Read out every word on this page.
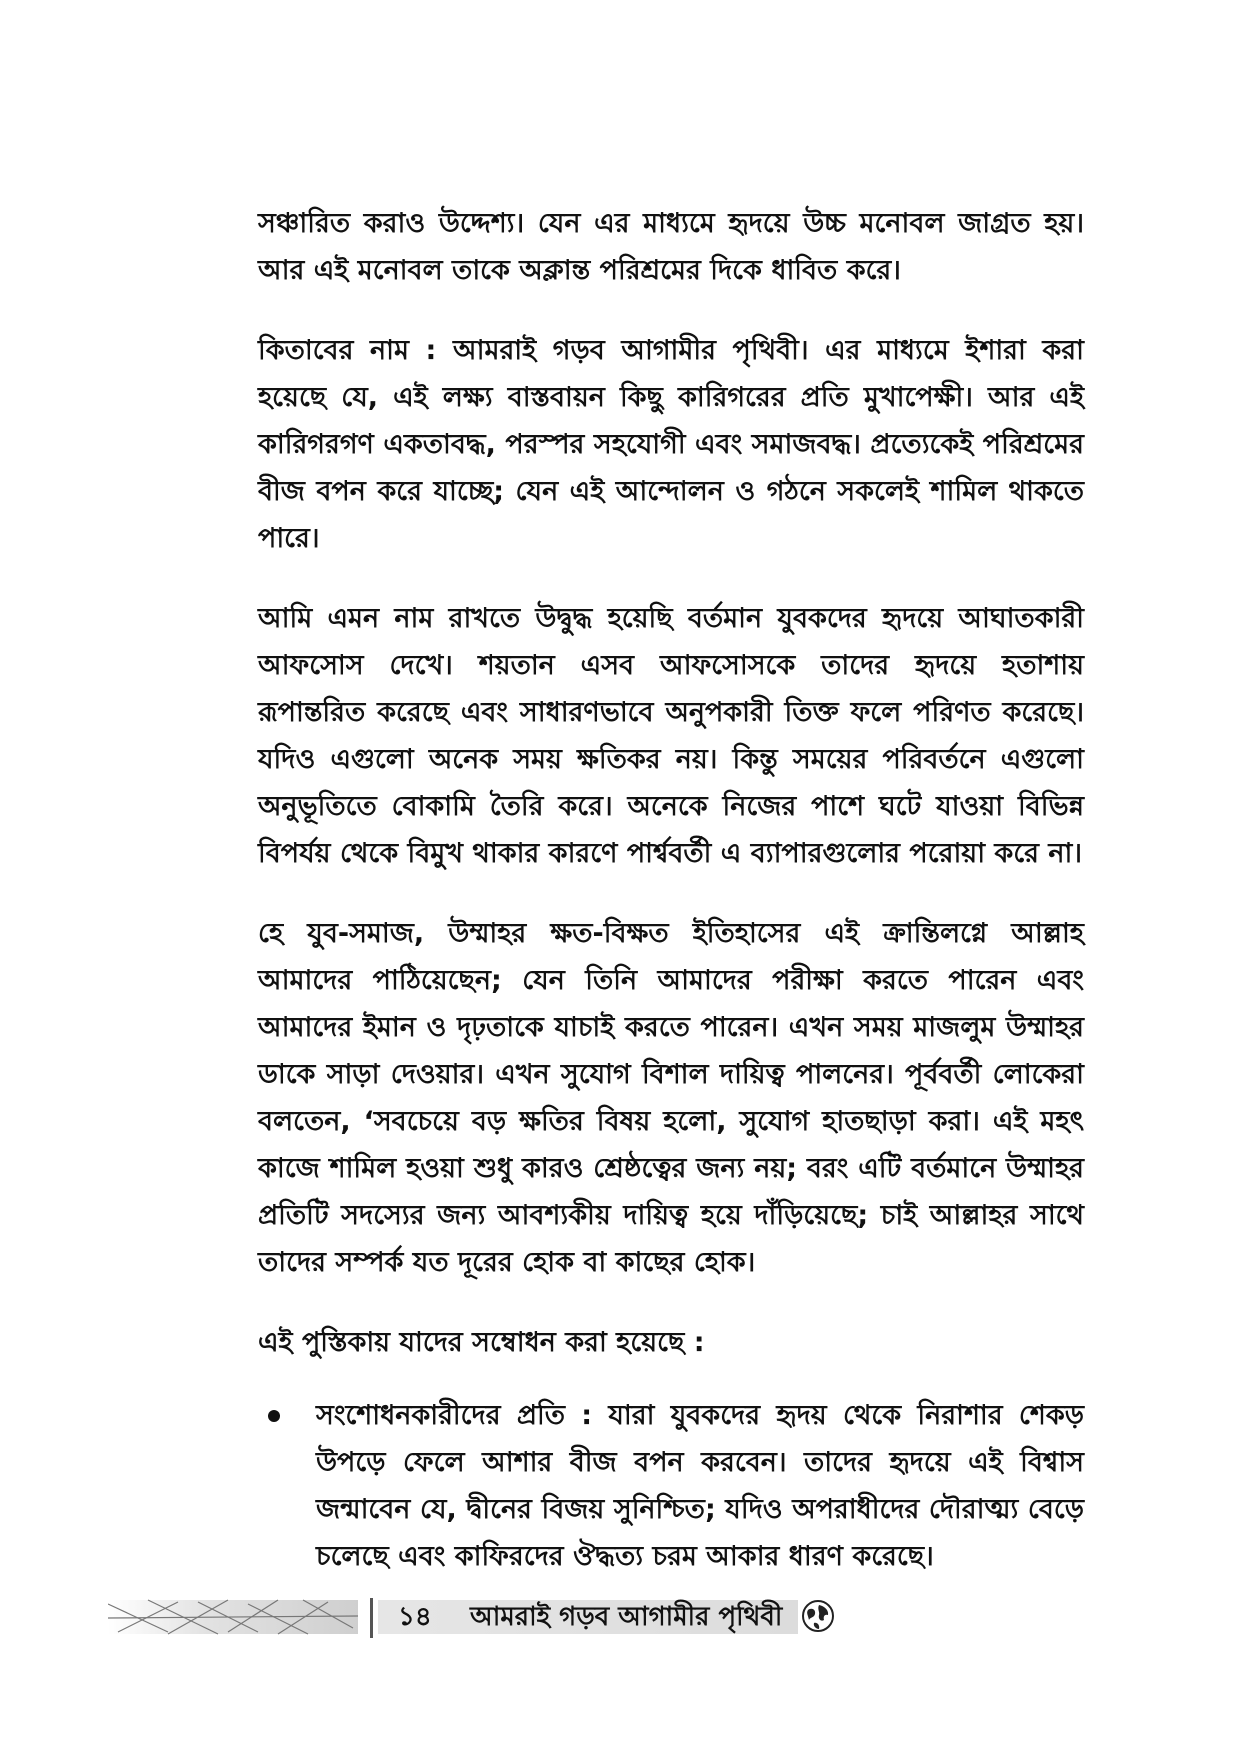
সঞ্চারিত করাও উদ্দেশ্য। যেন এর মাধ্যমে হৃদয়ে উচ্চ মনোবল জাগ্রত হয়। আর এই মনোবল তাকে অক্লান্ত পরিশ্রমের দিকে ধাবিত করে।

কিতাবের নাম : আমরাই গড়ব আগামীর পৃথিবী। এর মাধ্যমে ইশারা করা হয়েছে যে, এই লক্ষ্য বাস্তবায়ন কিছু কারিগরের প্রতি মুখাপেক্ষী। আর এই কারিগরগণ একতাবদ্ধ, পরস্পর সহযোগী এবং সমাজবদ্ধ। প্রত্যেকেই পরিশ্রমের বীজ বপন করে যাচ্ছে; যেন এই আন্দোলন ও গঠনে সকলেই শামিল থাকতে পারে।

আমি এমন নাম রাখতে উদ্বুদ্ধ হয়েছি বর্তমান যুবকদের হৃদয়ে আঘাতকারী আফসোস দেখে। শয়তান এসব আফসোসকে তাদের হৃদয়ে হতাশায় রূপান্তরিত করেছে এবং সাধারণভাবে অনুপকারী তিক্ত ফলে পরিণত করেছে। যদিও এগুলো অনেক সময় ক্ষতিকর নয়। কিন্তু সময়ের পরিবর্তনে এগুলো অনুভূতিতে বোকামি তৈরি করে। অনেকে নিজের পাশে ঘটে যাওয়া বিভিন্ন বিপর্যয় থেকে বিমুখ থাকার কারণে পার্শ্ববর্তী এ ব্যাপারগুলোর পরোয়া করে না।

হে যুব-সমাজ, উম্মাহর ক্ষত-বিক্ষত ইতিহাসের এই ক্রান্তিলগ্নে আল্লাহ আমাদের পাঠিয়েছেন; যেন তিনি আমাদের পরীক্ষা করতে পারেন এবং আমাদের ইমান ও দৃঢ়তাকে যাচাই করতে পারেন। এখন সময় মাজলুম উম্মাহর ডাকে সাড়া দেওয়ার। এখন সুযোগ বিশাল দায়িত্ব পালনের। পূর্ববর্তী লোকেরা বলতেন, ‘সবচেয়ে বড় ক্ষতির বিষয় হলো, সুযোগ হাতছাড়া করা। এই মহৎ কাজে শামিল হওয়া শুধু কারও শ্রেষ্ঠত্বের জন্য নয়; বরং এটি বর্তমানে উম্মাহর প্রতিটি সদস্যের জন্য আবশ্যকীয় দায়িত্ব হয়ে দাঁড়িয়েছে; চাই আল্লাহর সাথে তাদের সম্পর্ক যত দূরের হোক বা কাছের হোক।

এই পুস্তিকায় যাদের সম্বোধন করা হয়েছে :

সংশোধনকারীদের প্রতি : যারা যুবকদের হৃদয় থেকে নিরাশার শেকড় উপড়ে ফেলে আশার বীজ বপন করবেন। তাদের হৃদয়ে এই বিশ্বাস জন্মাবেন যে, দ্বীনের বিজয় সুনিশ্চিত; যদিও অপরাধীদের দৌরাত্ম্য বেড়ে চলেছে এবং কাফিরদের ঔদ্ধত্য চরম আকার ধারণ করেছে।
১৪ আমরাই গড়ব আগামীর পৃথিবী
